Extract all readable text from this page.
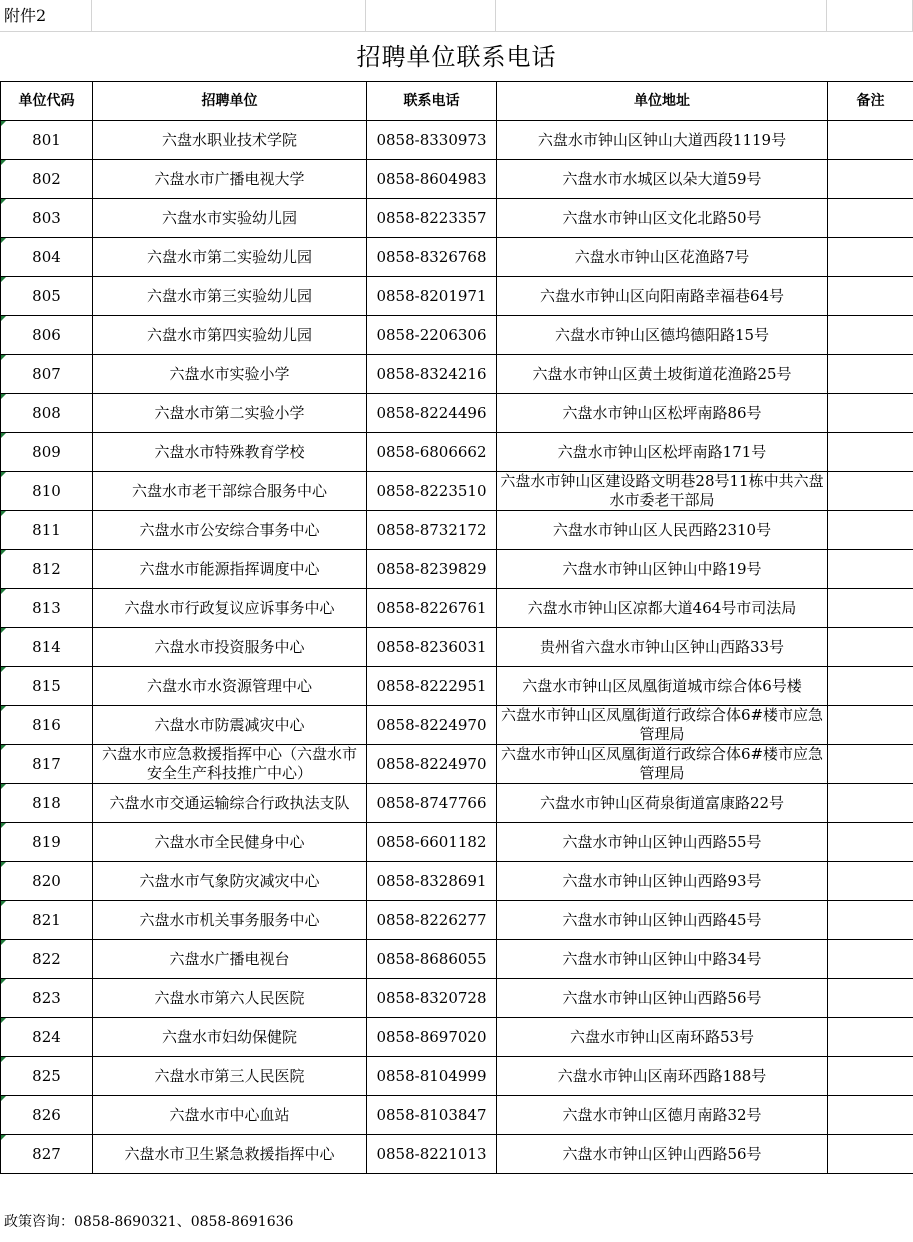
附件2
招聘单位联系电话
单位代码	招聘单位	联系电话	单位地址	备注
801	六盘水职业技术学院	0858-8330973	六盘水市钟山区钟山大道西段1119号	
802	六盘水市广播电视大学	0858-8604983	六盘水市水城区以朵大道59号	
803	六盘水市实验幼儿园	0858-8223357	六盘水市钟山区文化北路50号	
804	六盘水市第二实验幼儿园	0858-8326768	六盘水市钟山区花渔路7号	
805	六盘水市第三实验幼儿园	0858-8201971	六盘水市钟山区向阳南路幸福巷64号	
806	六盘水市第四实验幼儿园	0858-2206306	六盘水市钟山区德坞德阳路15号	
807	六盘水市实验小学	0858-8324216	六盘水市钟山区黄土坡街道花渔路25号	
808	六盘水市第二实验小学	0858-8224496	六盘水市钟山区松坪南路86号	
809	六盘水市特殊教育学校	0858-6806662	六盘水市钟山区松坪南路171号	
810	六盘水市老干部综合服务中心	0858-8223510	六盘水市钟山区建设路文明巷28号11栋中共六盘水市委老干部局	
811	六盘水市公安综合事务中心	0858-8732172	六盘水市钟山区人民西路2310号	
812	六盘水市能源指挥调度中心	0858-8239829	六盘水市钟山区钟山中路19号	
813	六盘水市行政复议应诉事务中心	0858-8226761	六盘水市钟山区凉都大道464号市司法局	
814	六盘水市投资服务中心	0858-8236031	贵州省六盘水市钟山区钟山西路33号	
815	六盘水市水资源管理中心	0858-8222951	六盘水市钟山区凤凰街道城市综合体6号楼	
816	六盘水市防震减灾中心	0858-8224970	六盘水市钟山区凤凰街道行政综合体6#楼市应急管理局	
817	六盘水市应急救援指挥中心（六盘水市安全生产科技推广中心）	0858-8224970	六盘水市钟山区凤凰街道行政综合体6#楼市应急管理局	
818	六盘水市交通运输综合行政执法支队	0858-8747766	六盘水市钟山区荷泉街道富康路22号	
819	六盘水市全民健身中心	0858-6601182	六盘水市钟山区钟山西路55号	
820	六盘水市气象防灾减灾中心	0858-8328691	六盘水市钟山区钟山西路93号	
821	六盘水市机关事务服务中心	0858-8226277	六盘水市钟山区钟山西路45号	
822	六盘水广播电视台	0858-8686055	六盘水市钟山区钟山中路34号	
823	六盘水市第六人民医院	0858-8320728	六盘水市钟山区钟山西路56号	
824	六盘水市妇幼保健院	0858-8697020	六盘水市钟山区南环路53号	
825	六盘水市第三人民医院	0858-8104999	六盘水市钟山区南环西路188号	
826	六盘水市中心血站	0858-8103847	六盘水市钟山区德月南路32号	
827	六盘水市卫生紧急救援指挥中心	0858-8221013	六盘水市钟山区钟山西路56号	
政策咨询：0858-8690321、0858-8691636
